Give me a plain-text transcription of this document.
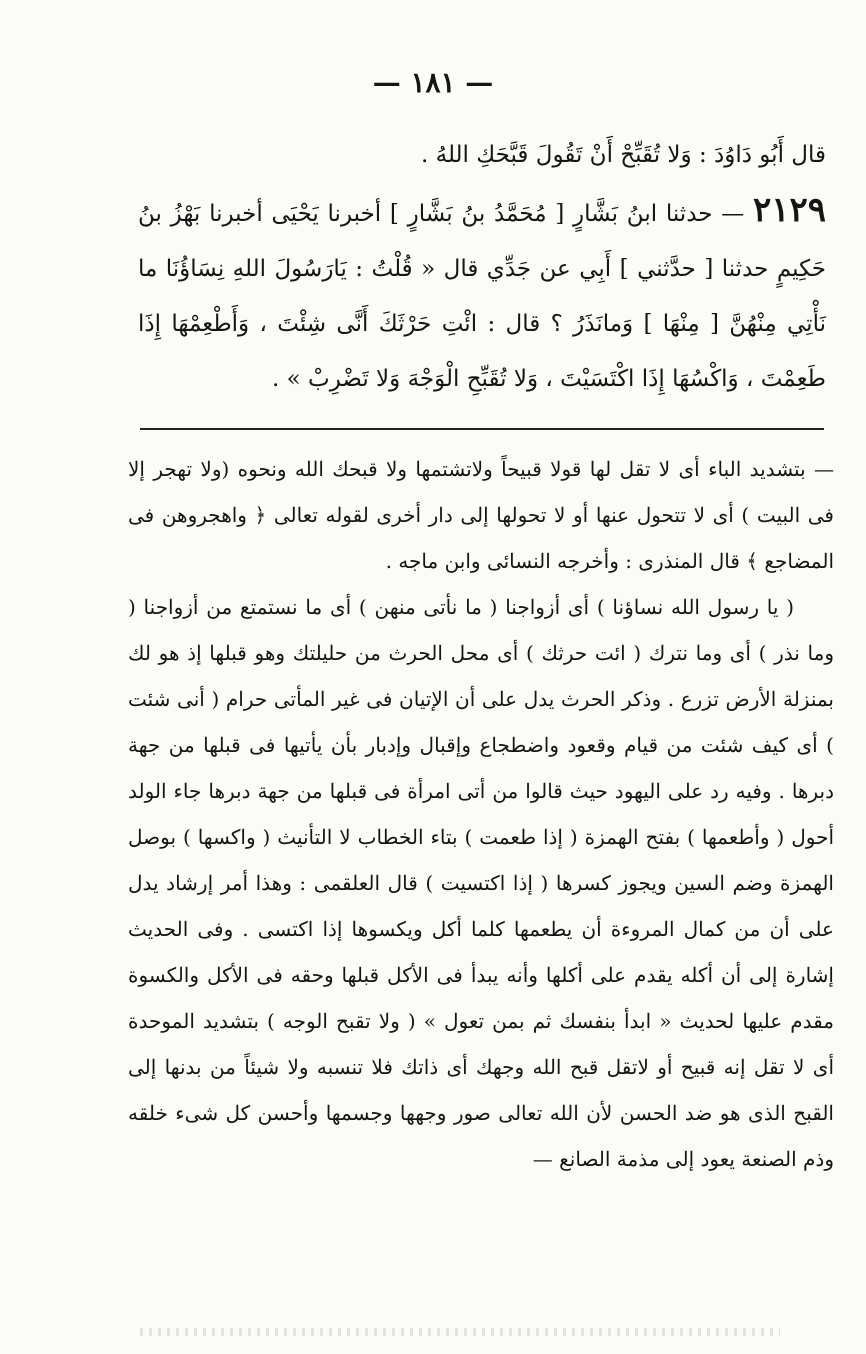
— ١٨١ —

قال أَبُو دَاوُدَ : وَلا تُقَبِّحْ أَنْ تَقُولَ قَبَّحَكِ اللهُ .

٢١٢٩ — حدثنا ابنُ بَشَّارٍ [ مُحَمَّدُ بنُ بَشَّارٍ ] أخبرنا يَحْيَى أخبرنا بَهْزُ بنُ حَكِيمٍ حدثنا [ حدَّثني ] أَبِي عن جَدِّي قال « قُلْتُ : يَارَسُولَ اللهِ نِسَاؤُنَا ما نَأْتِي مِنْهُنَّ [ مِنْهَا ] وَمانَذَرُ ؟ قال : ائْتِ حَرْثَكَ أَنَّى شِئْتَ ، وَأَطْعِمْهَا إِذَا طَعِمْتَ ، وَاكْسُهَا إِذَا اكْتَسَيْتَ ، وَلا تُقَبِّحِ الْوَجْهَ وَلا تَضْرِبْ » .

— بتشديد الباء أى لا تقل لها قولا قبيحاً ولاتشتمها ولا قبحك الله ونحوه (ولا تهجر إلا فى البيت ) أى لا تتحول عنها أو لا تحولها إلى دار أخرى لقوله تعالى ﴿ واهجروهن فى المضاجع ﴾ قال المنذرى : وأخرجه النسائى وابن ماجه .

( يا رسول الله نساؤنا ) أى أزواجنا ( ما نأتى منهن ) أى ما نستمتع من أزواجنا ( وما نذر ) أى وما نترك ( ائت حرثك ) أى محل الحرث من حليلتك وهو قبلها إذ هو لك بمنزلة الأرض تزرع . وذكر الحرث يدل على أن الإتيان فى غير المأتى حرام ( أنى شئت ) أى كيف شئت من قيام وقعود واضطجاع وإقبال وإدبار بأن يأتيها فى قبلها من جهة دبرها . وفيه رد على اليهود حيث قالوا من أتى امرأة فى قبلها من جهة دبرها جاء الولد أحول ( وأطعمها ) بفتح الهمزة ( إذا طعمت ) بتاء الخطاب لا التأنيث ( واكسها ) بوصل الهمزة وضم السين ويجوز كسرها ( إذا اكتسيت ) قال العلقمى : وهذا أمر إرشاد يدل على أن من كمال المروءة أن يطعمها كلما أكل ويكسوها إذا اكتسى . وفى الحديث إشارة إلى أن أكله يقدم على أكلها وأنه يبدأ فى الأكل قبلها وحقه فى الأكل والكسوة مقدم عليها لحديث « ابدأ بنفسك ثم بمن تعول » ( ولا تقبح الوجه ) بتشديد الموحدة أى لا تقل إنه قبيح أو لاتقل قبح الله وجهك أى ذاتك فلا تنسبه ولا شيئاً من بدنها إلى القبح الذى هو ضد الحسن لأن الله تعالى صور وجهها وجسمها وأحسن كل شىء خلقه وذم الصنعة يعود إلى مذمة الصانع —
